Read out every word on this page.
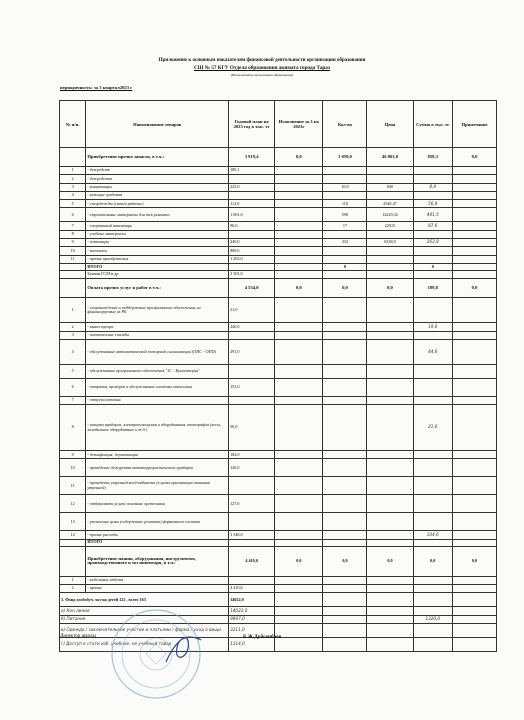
Приложение к основным показателям финансовой деятельности организации образования
СШ № 57 КГУ Отдела образования акимата города Тараз
(Наименование организации образования)
периодичность: за 3 квартал2023 г
№ п/п.	Наименование товаров	Годовой план на 2023 год в тыс. тг	Исполнение за 3 кв 2023г	Кол-во	Цена	Сумма в тыс. тг	Примечание
	Приобретение прочих запасов, в т.ч.:	3 919,4	0,0	1 059,0	46 863,0	858,3	0,0
1	- дезсредств	180,1					
2	- дезсредства						
3	- канцтовары	225,0		10,0	840	8,4	
4	- моющие средства						
5	- спецодежды (сапоги рабочие)	112,0		110	2540,47	56,8	
6	- строительные материалы для тек.ремонта	1 001,0		590	14229,32	441,5	
7	- спортивный инвентарь	96,0		17	22915	87,6	
8	- учебные материалы						
9	- хозтовары	240,0		332	6338,0	263,8	
10	- запчасти	800,0					
11	- прочие приобретения	1 265,0					
	ИТОГО			0		0	
	Бензин ГСМ и др	3 301,0					
	Оплата прочих услуг и работ в т.ч.:	4 534,0	0,0	0,0	0,0	189,8	0,0
1	- сопровождение и поддержание программного обеспечения, не финансируемые из РБ	21,0					
2	- вывоз мусора	240,0				19,0	
3	- изготовление стенды						
4	- обслуживание автоматической пожарной сигнализации (ОПС - ОПП)	291,0				44,6	
5	- обслуживание программного обеспечения "1С - Бухгалтерия"						
6	- отправка, проверка и обслуживание системы отопления	153,0					
7	- отпуска сетевых						
8	- поверка приборов, электроосвещения и оборудования, тахографов (весы, холодильное оборудование и т.д.)	50,0				21,6	
9	- дезинфекция, дератизация	184,0					
10	- проведение дежурства антитеррористических прибиров	120,0					
11	- проведение утренней коей-кабинета (в целях ориентации оказания утренней)						
12	- отбуксовать услуги основные оргтехники	127,0					
13	- увеличение цены (содержание ремонта) фирменного состава						
14	- прочие расходы	3 348,0				104,6	
	ИТОГО						
	Приобретение машин, оборудования, инструментов, производственного и хоз инвентаря, в т.ч.:	4 410,0	0,0	0,0	0,0	0,0	0,0
1	- мебельные изделия						
2	- прочие	4 410,0					
3. Фонд особобуч. хоз-на детей 122 , всего 163		14022,0					
а) Кон линия		14022,0					
б) Питание		9897,0				1320,0	
в) Одежда / заключительное участие и платьями / форма / уход о вещи		3211,0					
г) Доступ к стати изб. учебное, не учебный товар		1314,0					
Директор школы	Б.Ж.Дуйсенбаев
